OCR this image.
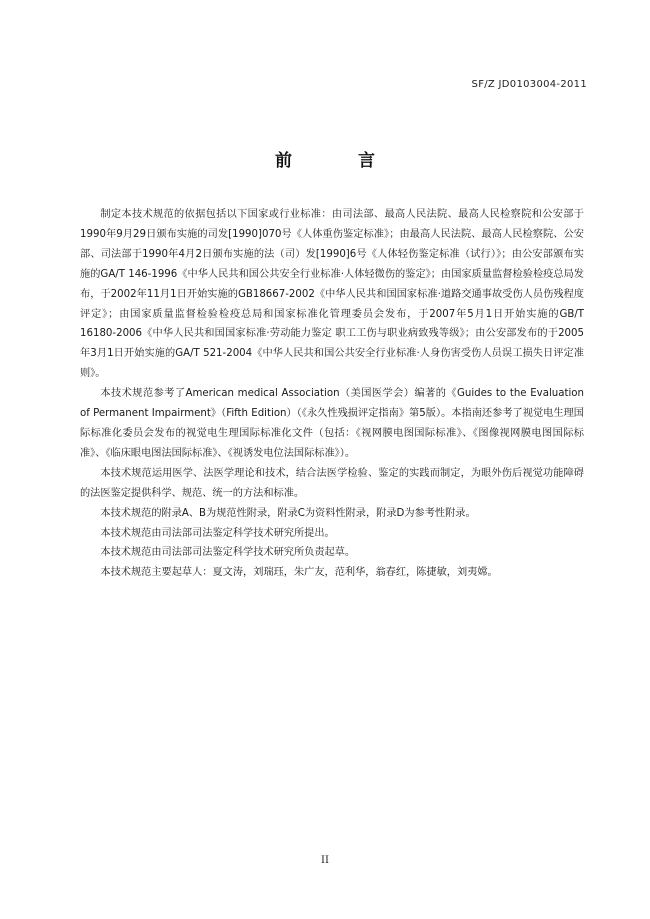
SF/Z JD0103004-2011
前 言

制定本技术规范的依据包括以下国家或行业标准：由司法部、最高人民法院、最高人民检察院和公安部于1990年9月29日颁布实施的司发[1990]070号《人体重伤鉴定标准》；由最高人民法院、最高人民检察院、公安部、司法部于1990年4月2日颁布实施的法（司）发[1990]6号《人体轻伤鉴定标准（试行）》；由公安部颁布实施的GA/T 146-1996《中华人民共和国公共安全行业标准·人体轻微伤的鉴定》；由国家质量监督检验检疫总局发布，于2002年11月1日开始实施的GB18667-2002《中华人民共和国国家标准·道路交通事故受伤人员伤残程度评定》；由国家质量监督检验检疫总局和国家标准化管理委员会发布，于2007年5月1日开始实施的GB/T 16180-2006《中华人民共和国国家标准·劳动能力鉴定 职工工伤与职业病致残等级》；由公安部发布的于2005年3月1日开始实施的GA/T 521-2004《中华人民共和国公共安全行业标准·人身伤害受伤人员误工损失日评定准则》。

本技术规范参考了American medical Association（美国医学会）编著的《Guides to the Evaluation of Permanent Impairment》（Fifth Edition）（《永久性残损评定指南》第5版）。本指南还参考了视觉电生理国际标准化委员会发布的视觉电生理国际标准化文件（包括：《视网膜电图国际标准》、《图像视网膜电图国际标准》、《临床眼电图法国际标准》、《视诱发电位法国际标准》）。

本技术规范运用医学、法医学理论和技术，结合法医学检验、鉴定的实践而制定，为眼外伤后视觉功能障碍的法医鉴定提供科学、规范、统一的方法和标准。

本技术规范的附录A、B为规范性附录，附录C为资料性附录，附录D为参考性附录。

本技术规范由司法部司法鉴定科学技术研究所提出。

本技术规范由司法部司法鉴定科学技术研究所负责起草。

本技术规范主要起草人：夏文涛，刘瑞珏，朱广友，范利华，翁春红，陈捷敏，刘夷嫦。

II
